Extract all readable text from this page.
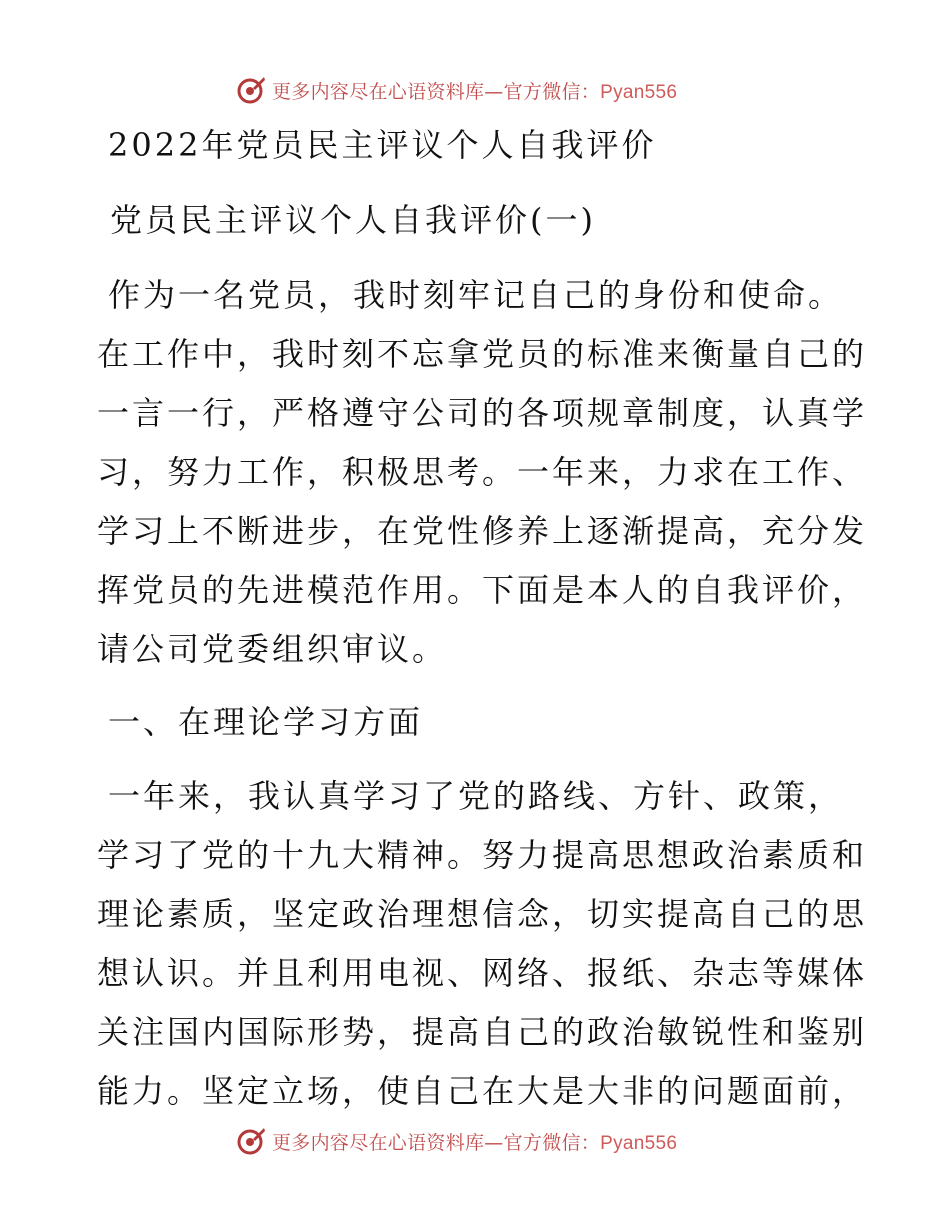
更多内容尽在心语资料库—官方微信：Pyan556
2022年党员民主评议个人自我评价
党员民主评议个人自我评价(一)
作为一名党员，我时刻牢记自己的身份和使命。
在工作中，我时刻不忘拿党员的标准来衡量自己的
一言一行，严格遵守公司的各项规章制度，认真学
习，努力工作，积极思考。一年来，力求在工作、
学习上不断进步，在党性修养上逐渐提高，充分发
挥党员的先进模范作用。下面是本人的自我评价，
请公司党委组织审议。
一、在理论学习方面
一年来，我认真学习了党的路线、方针、政策，
学习了党的十九大精神。努力提高思想政治素质和
理论素质，坚定政治理想信念，切实提高自己的思
想认识。并且利用电视、网络、报纸、杂志等媒体
关注国内国际形势，提高自己的政治敏锐性和鉴别
能力。坚定立场，使自己在大是大非的问题面前，
更多内容尽在心语资料库—官方微信：Pyan556
